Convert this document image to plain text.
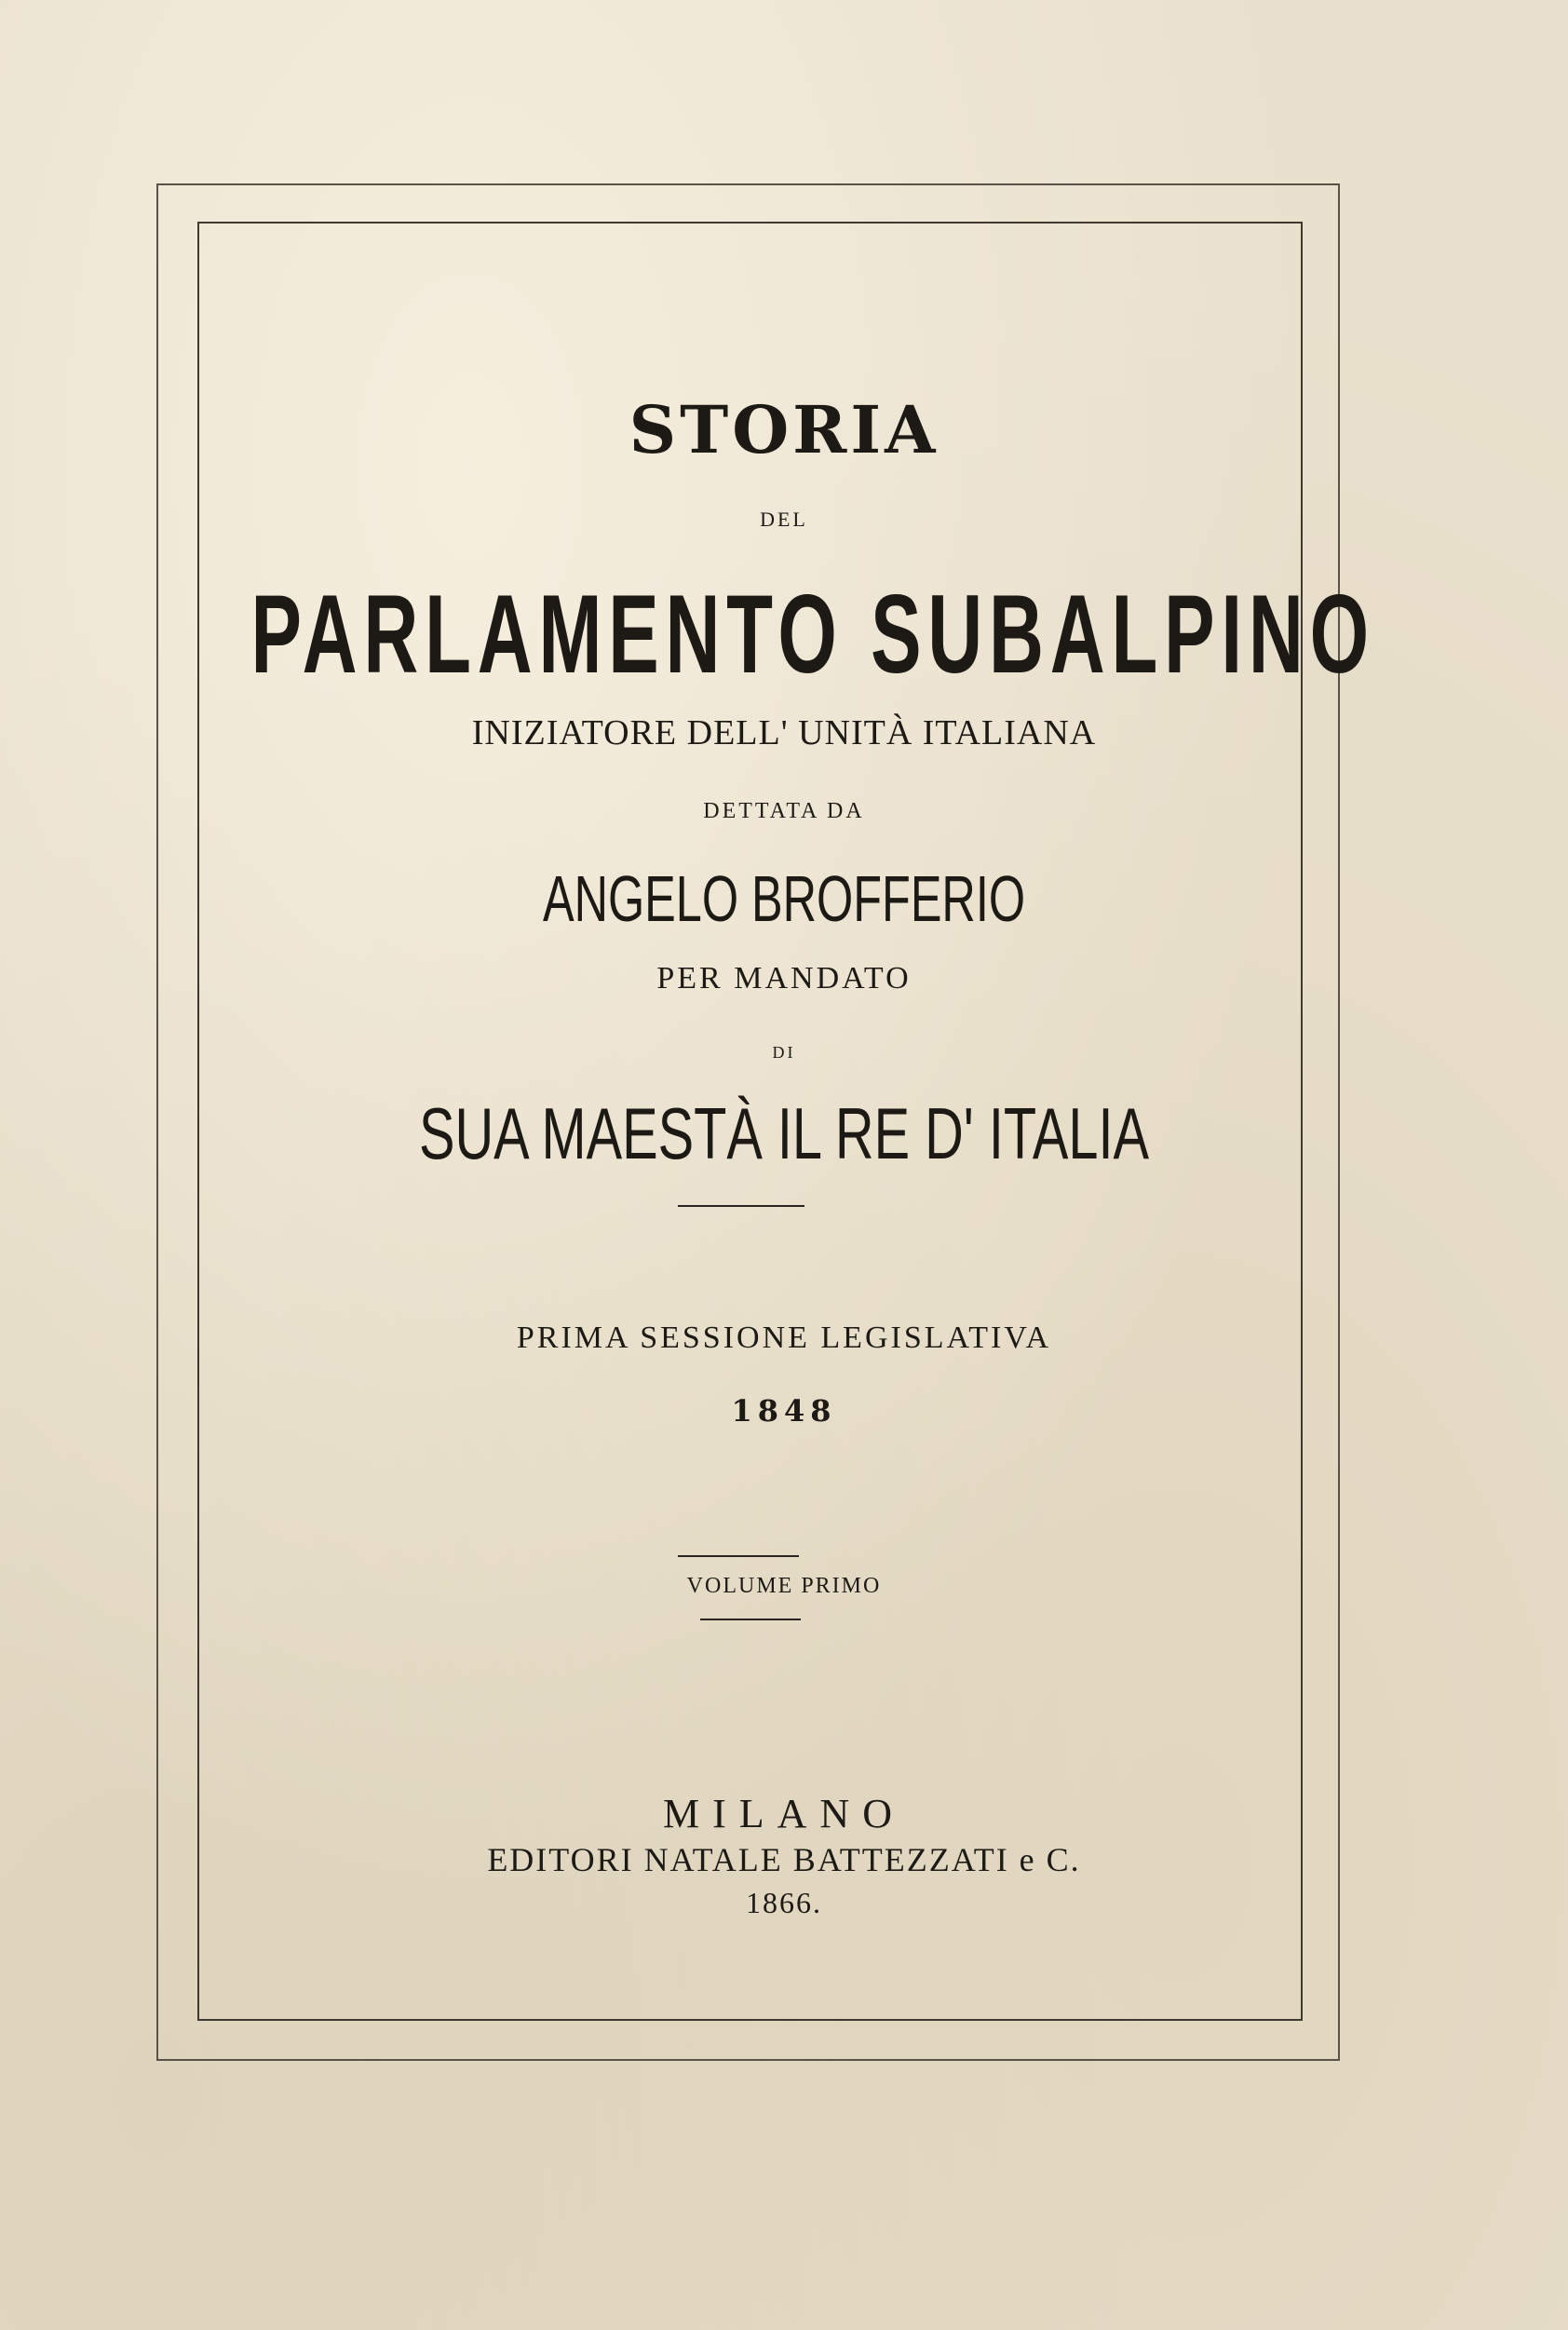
STORIA
DEL
PARLAMENTO SUBALPINO
INIZIATORE DELL' UNITÀ ITALIANA
DETTATA DA
ANGELO BROFFERIO
PER MANDATO
DI
SUA MAESTÀ IL RE D' ITALIA
PRIMA SESSIONE LEGISLATIVA
1848
VOLUME PRIMO
MILANO
EDITORI NATALE BATTEZZATI e C.
1866.
